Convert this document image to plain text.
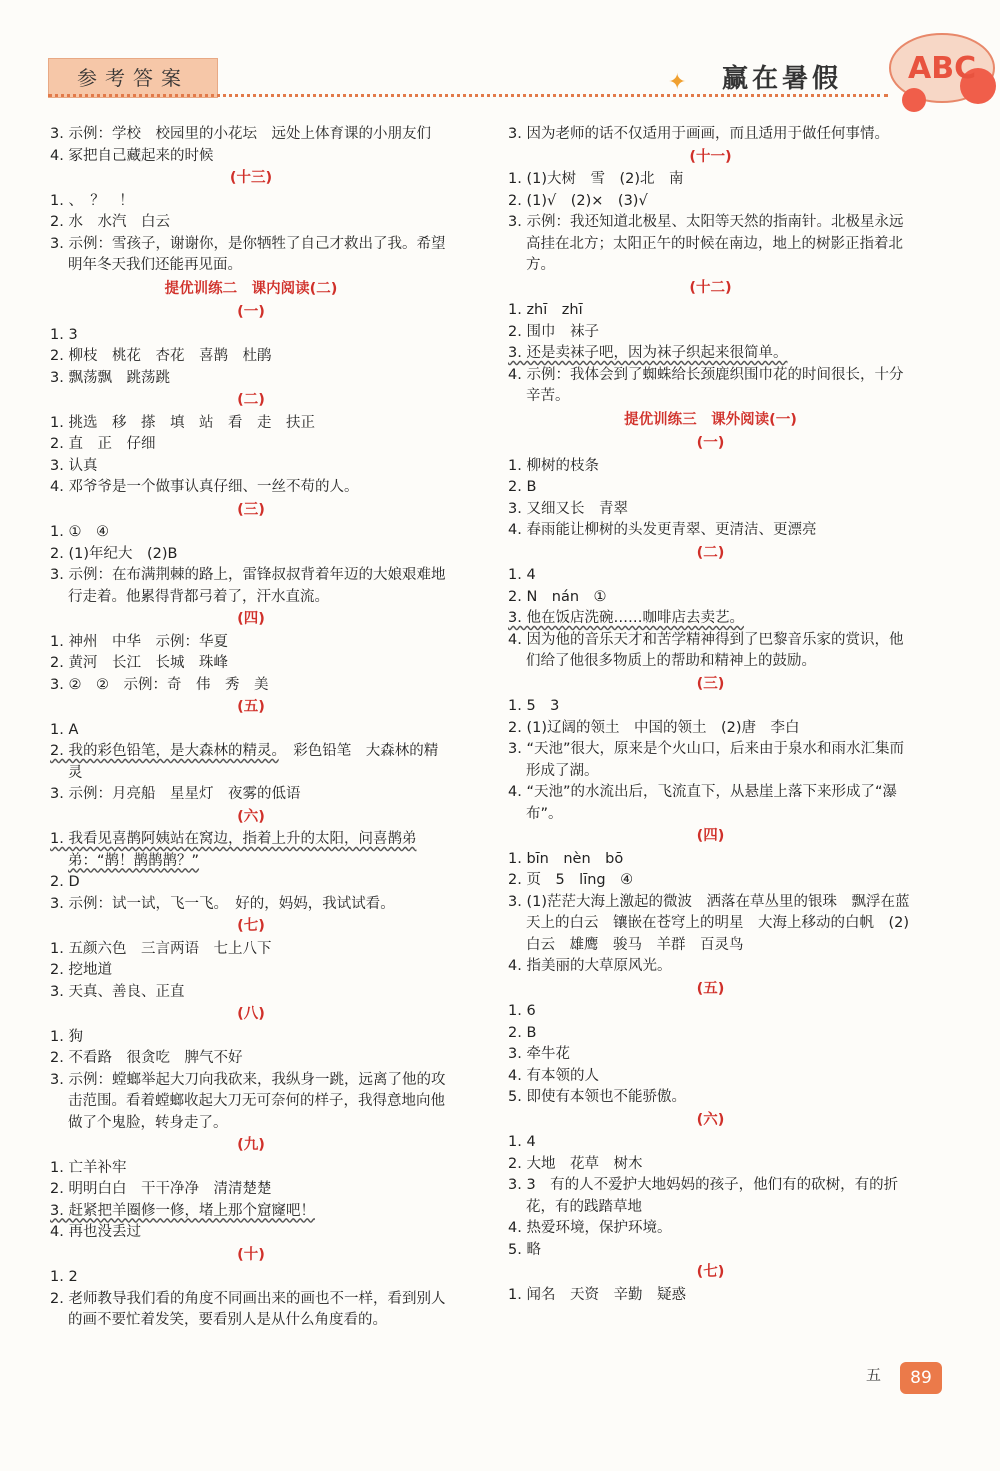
参考答案	✦ 赢在暑假 ABC
3. 示例：学校　校园里的小花坛　远处上体育课的小朋友们
4. 冢把自己藏起来的时候
(十三)
1. 、　？　！
2. 水　水汽　白云
3. 示例：雪孩子，谢谢你，是你牺牲了自己才救出了我。希望明年冬天我们还能再见面。
提优训练二　课内阅读(二)
(一)
1. 3
2. 柳枝　桃花　杏花　喜鹊　杜鹃
3. 飘荡飘　跳荡跳
(二)
1. 挑选　移　搽　填　站　看　走　扶正
2. 直　正　仔细
3. 认真
4. 邓爷爷是一个做事认真仔细、一丝不苟的人。
(三)
1. ①　④
2. (1)年纪大　(2)B
3. 示例：在布满荆棘的路上，雷锋叔叔背着年迈的大娘艰难地行走着。他累得背都弓着了，汗水直流。
(四)
1. 神州　中华　示例：华夏
2. 黄河　长江　长城　珠峰
3. ②　②　示例：奇　伟　秀　美
(五)
1. A
2. 我的彩色铅笔，是大森林的精灵。　彩色铅笔　大森林的精灵
3. 示例：月亮船　星星灯　夜雾的低语
(六)
1. 我看见喜鹊阿姨站在窝边，指着上升的太阳，问喜鹊弟弟：“鹊！鹊鹊鹊？”
2. D
3. 示例：试一试，飞一飞。　好的，妈妈，我试试看。
(七)
1. 五颜六色　三言两语　七上八下
2. 挖地道
3. 天真、善良、正直
(八)
1. 狗
2. 不看路　很贪吃　脾气不好
3. 示例：螳螂举起大刀向我砍来，我纵身一跳，远离了他的攻击范围。看着螳螂收起大刀无可奈何的样子，我得意地向他做了个鬼脸，转身走了。
(九)
1. 亡羊补牢
2. 明明白白　干干净净　清清楚楚
3. 赶紧把羊圈修一修，堵上那个窟窿吧！
4. 再也没丢过
(十)
1. 2
2. 老师教导我们看的角度不同画出来的画也不一样，看到别人的画不要忙着发笑，要看别人是从什么角度看的。
3. 因为老师的话不仅适用于画画，而且适用于做任何事情。
(十一)
1. (1)大树　雪　(2)北　南
2. (1)√　(2)×　(3)√
3. 示例：我还知道北极星、太阳等天然的指南针。北极星永远高挂在北方；太阳正午的时候在南边，地上的树影正指着北方。
(十二)
1. zhī　zhī
2. 围巾　袜子
3. 还是卖袜子吧，因为袜子织起来很简单。
4. 示例：我体会到了蜘蛛给长颈鹿织围巾花的时间很长，十分辛苦。
提优训练三　课外阅读(一)
(一)
1. 柳树的枝条
2. B
3. 又细又长　青翠
4. 春雨能让柳树的头发更青翠、更清洁、更漂亮
(二)
1. 4
2. N　nán　①
3. 他在饭店洗碗……咖啡店去卖艺。
4. 因为他的音乐天才和苦学精神得到了巴黎音乐家的赏识，他们给了他很多物质上的帮助和精神上的鼓励。
(三)
1. 5　3
2. (1)辽阔的领土　中国的领土　(2)唐　李白
3. “天池”很大，原来是个火山口，后来由于泉水和雨水汇集而形成了湖。
4. “天池”的水流出后，飞流直下，从悬崖上落下来形成了“瀑布”。
(四)
1. bīn　nèn　bō
2. 页　5　līng　④
3. (1)茫茫大海上激起的微波　洒落在草丛里的银珠　飘浮在蓝天上的白云　镶嵌在苍穹上的明星　大海上移动的白帆　(2)白云　雄鹰　骏马　羊群　百灵鸟
4. 指美丽的大草原风光。
(五)
1. 6
2. B
3. 牵牛花
4. 有本领的人
5. 即使有本领也不能骄傲。
(六)
1. 4
2. 大地　花草　树木
3. 3　有的人不爱护大地妈妈的孩子，他们有的砍树，有的折花，有的践踏草地
4. 热爱环境，保护环境。
5. 略
(七)
1. 闻名　天资　辛勤　疑惑
五	89
